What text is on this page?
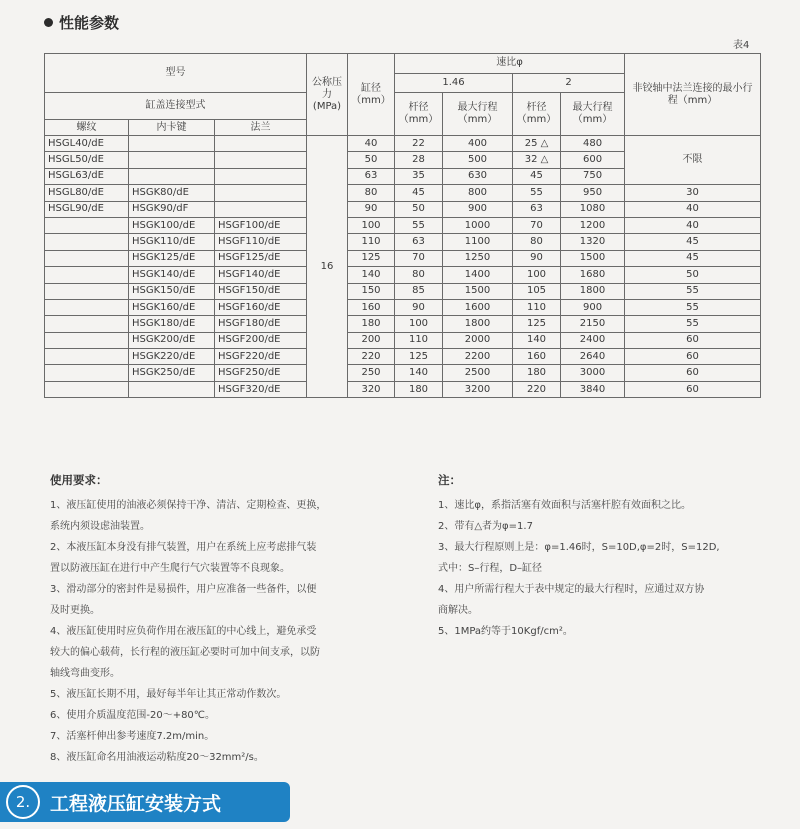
性能参数
表4
型号			公称压力(MPa)	缸径（mm）	速比φ				非铰轴中法兰连接的最小行程（mm）
					1.46		2		
缸盖连接型式					杆径（mm）	最大行程（mm）	杆径（mm）	最大行程（mm）	
螺纹	内卡键	法兰							
HSGL40/dE			16	40	22	400	25 △	480	不限
HSGL50/dE				50	28	500	32 △	600	
HSGL63/dE				63	35	630	45	750	
HSGL80/dE	HSGK80/dE			80	45	800	55	950	30
HSGL90/dE	HSGK90/dF			90	50	900	63	1080	40
	HSGK100/dE	HSGF100/dE		100	55	1000	70	1200	40
	HSGK110/dE	HSGF110/dE		110	63	1100	80	1320	45
	HSGK125/dE	HSGF125/dE		125	70	1250	90	1500	45
	HSGK140/dE	HSGF140/dE		140	80	1400	100	1680	50
	HSGK150/dE	HSGF150/dE		150	85	1500	105	1800	55
	HSGK160/dE	HSGF160/dE		160	90	1600	110	900	55
	HSGK180/dE	HSGF180/dE		180	100	1800	125	2150	55
	HSGK200/dE	HSGF200/dE		200	110	2000	140	2400	60
	HSGK220/dE	HSGF220/dE		220	125	2200	160	2640	60
	HSGK250/dE	HSGF250/dE		250	140	2500	180	3000	60
		HSGF320/dE		320	180	3200	220	3840	60
使用要求：

1、液压缸使用的油液必须保持干净、清洁、定期检查、更换，

系统内须设虑油装置。

2、本液压缸本身没有排气装置，用户在系统上应考虑排气装

置以防液压缸在进行中产生爬行气穴装置等不良现象。

3、滑动部分的密封件是易损件，用户应准备一些备件，以便

及时更换。

4、液压缸使用时应负荷作用在液压缸的中心线上，避免承受

较大的偏心载荷，长行程的液压缸必要时可加中间支承，以防

轴线弯曲变形。

5、液压缸长期不用，最好每半年让其正常动作数次。

6、使用介质温度范围-20～+80℃。

7、活塞杆伸出参考速度7.2m/min。

8、液压缸命名用油液运动粘度20～32mm²/s。

注：

1、速比φ，系指活塞有效面积与活塞杆腔有效面积之比。

2、带有△者为φ=1.7

3、最大行程原则上是：φ=1.46时，S=10D,φ=2时，S=12D,

式中：S–行程，D–缸径

4、用户所需行程大于表中规定的最大行程时，应通过双方协

商解决。

5、1MPa约等于10Kgf/cm²。

2.	工程液压缸安装方式
